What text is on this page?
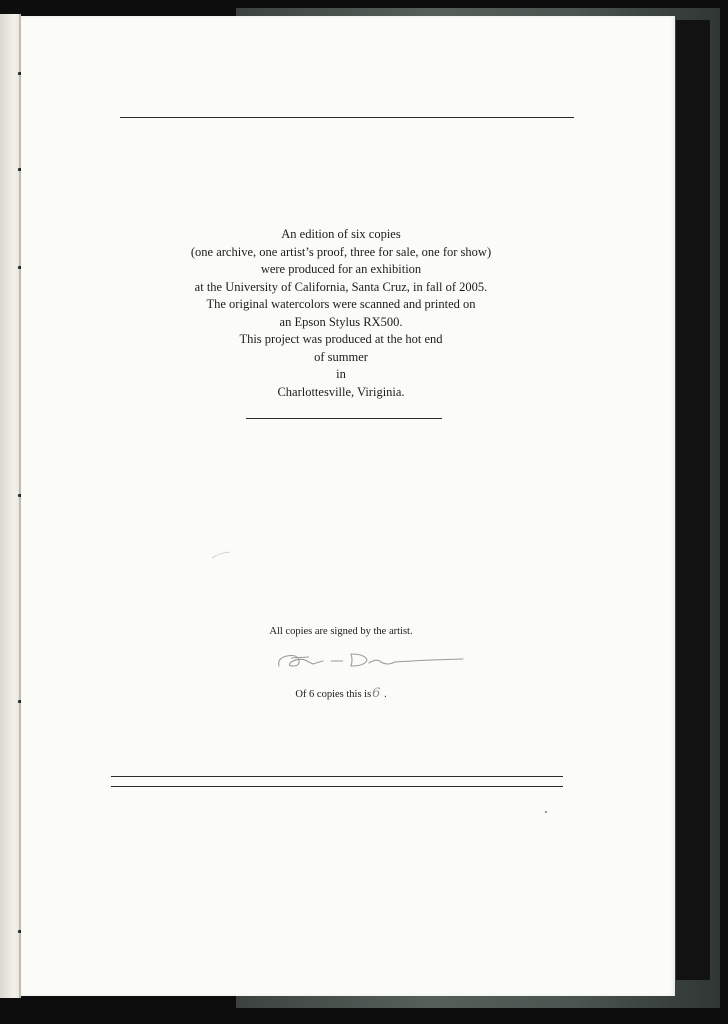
An edition of six copies
(one archive, one artist’s proof, three for sale, one for show)
were produced for an exhibition
at the University of California, Santa Cruz, in fall of 2005.
The original watercolors were scanned and printed on
an Epson Stylus RX500.
This project was produced at the hot end
of summer
in
Charlottesville, Viriginia.
All copies are signed by the artist.
Of 6 copies this is6 .
